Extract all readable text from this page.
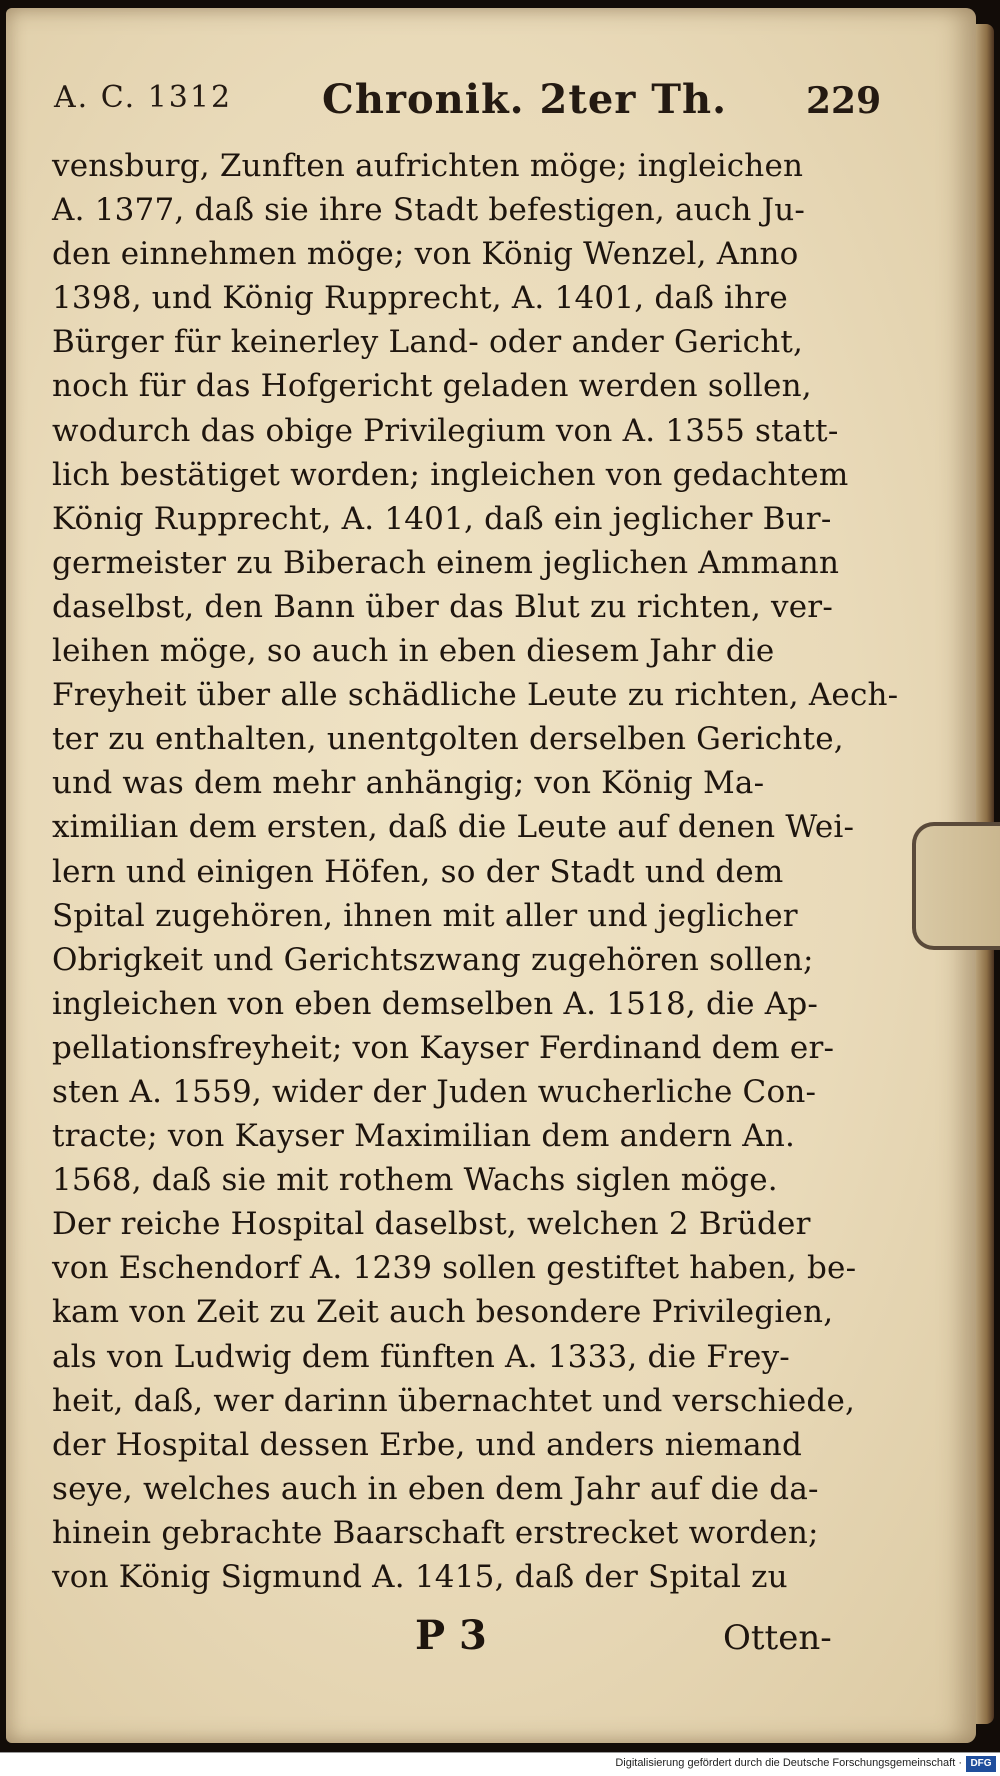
A. C. 1312 Chronik. 2ter Th. 229
vensburg, Zunften aufrichten möge; ingleichen
A. 1377, daß sie ihre Stadt befestigen, auch Ju-
den einnehmen möge; von König Wenzel, Anno
1398, und König Rupprecht, A. 1401, daß ihre
Bürger für keinerley Land- oder ander Gericht,
noch für das Hofgericht geladen werden sollen,
wodurch das obige Privilegium von A. 1355 statt-
lich bestätiget worden; ingleichen von gedachtem
König Rupprecht, A. 1401, daß ein jeglicher Bur-
germeister zu Biberach einem jeglichen Ammann
daselbst, den Bann über das Blut zu richten, ver-
leihen möge, so auch in eben diesem Jahr die
Freyheit über alle schädliche Leute zu richten, Aech-
ter zu enthalten, unentgolten derselben Gerichte,
und was dem mehr anhängig; von König Ma-
ximilian dem ersten, daß die Leute auf denen Wei-
lern und einigen Höfen, so der Stadt und dem
Spital zugehören, ihnen mit aller und jeglicher
Obrigkeit und Gerichtszwang zugehören sollen;
ingleichen von eben demselben A. 1518, die Ap-
pellationsfreyheit; von Kayser Ferdinand dem er-
sten A. 1559, wider der Juden wucherliche Con-
tracte; von Kayser Maximilian dem andern An.
1568, daß sie mit rothem Wachs siglen möge.
Der reiche Hospital daselbst, welchen 2 Brüder
von Eschendorf A. 1239 sollen gestiftet haben, be-
kam von Zeit zu Zeit auch besondere Privilegien,
als von Ludwig dem fünften A. 1333, die Frey-
heit, daß, wer darinn übernachtet und verschiede,
der Hospital dessen Erbe, und anders niemand
seye, welches auch in eben dem Jahr auf die da-
hinein gebrachte Baarschaft erstrecket worden;
von König Sigmund A. 1415, daß der Spital zu
P 3	Otten-
Digitalisierung gefördert durch die Deutsche Forschungsgemeinschaft · DFG
